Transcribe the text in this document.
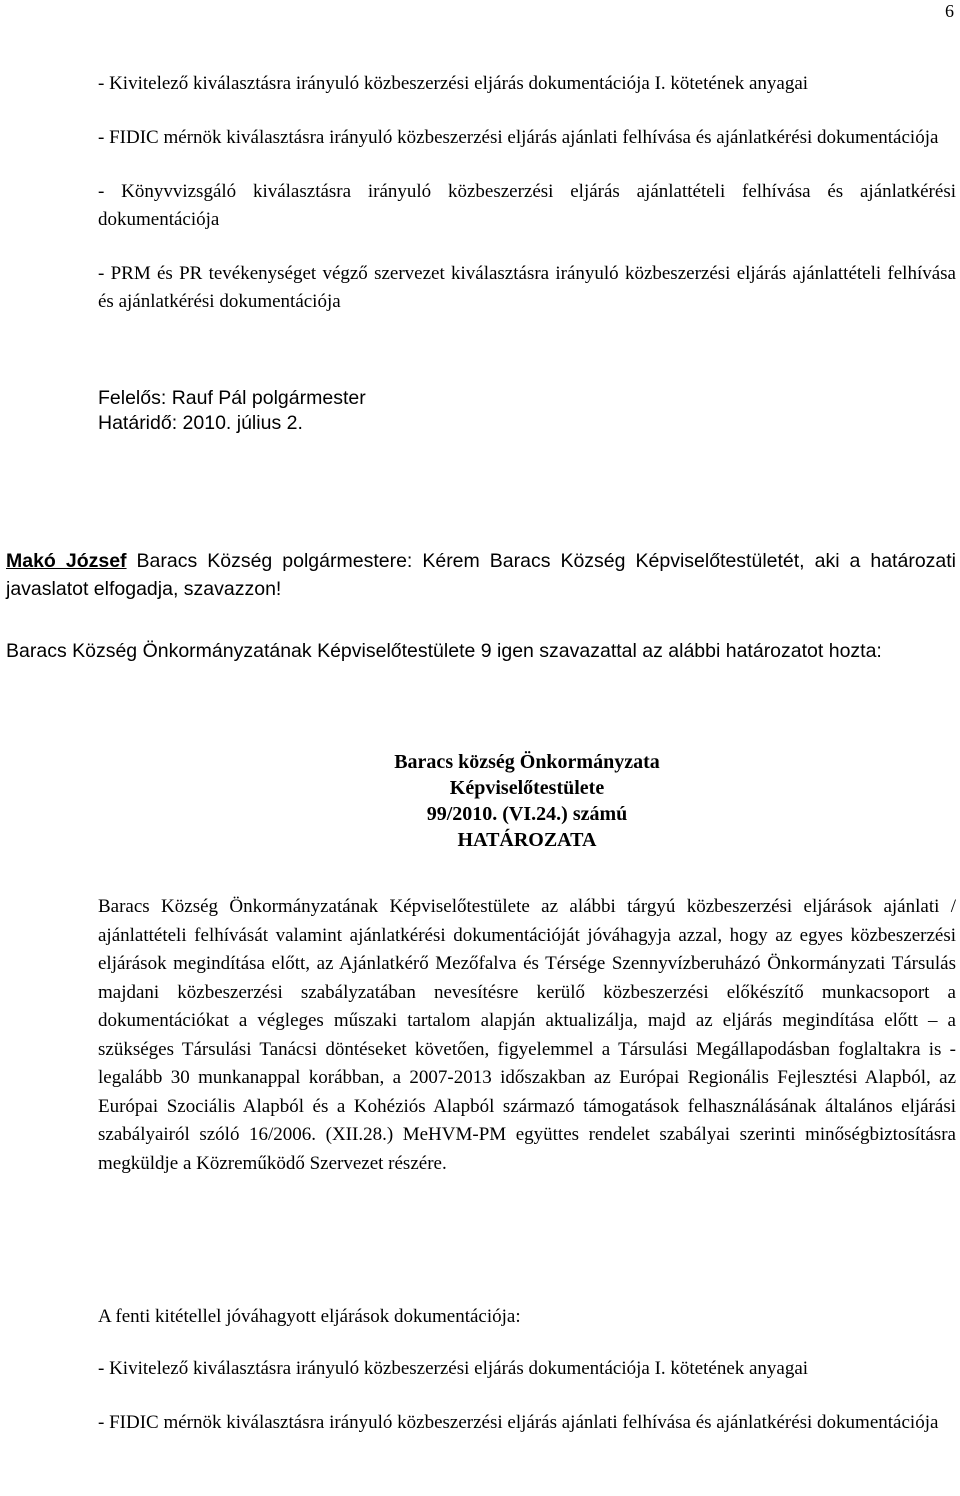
6

- Kivitelező kiválasztásra irányuló közbeszerzési eljárás dokumentációja I. kötetének anyagai

- FIDIC mérnök kiválasztásra irányuló közbeszerzési eljárás ajánlati felhívása és ajánlatkérési dokumentációja

- Könyvvizsgáló kiválasztásra irányuló közbeszerzési eljárás ajánlattételi felhívása és ajánlatkérési dokumentációja

- PRM és PR tevékenységet végző szervezet kiválasztásra irányuló közbeszerzési eljárás ajánlattételi felhívása és ajánlatkérési dokumentációja

Felelős: Rauf Pál polgármester
Határidő: 2010. július 2.

Makó József Baracs Község polgármestere: Kérem Baracs Község Képviselőtestületét, aki a határozati javaslatot elfogadja, szavazzon!

Baracs Község Önkormányzatának Képviselőtestülete 9 igen szavazattal az alábbi határozatot hozta:

Baracs község Önkormányzata
Képviselőtestülete
99/2010. (VI.24.) számú
HATÁROZATA

Baracs Község Önkormányzatának Képviselőtestülete az alábbi tárgyú közbeszerzési eljárások ajánlati / ajánlattételi felhívását valamint ajánlatkérési dokumentációját jóváhagyja azzal, hogy az egyes közbeszerzési eljárások megindítása előtt, az Ajánlatkérő Mezőfalva és Térsége Szennyvízberuházó Önkormányzati Társulás majdani közbeszerzési szabályzatában nevesítésre kerülő közbeszerzési előkészítő munkacsoport a dokumentációkat a végleges műszaki tartalom alapján aktualizálja, majd az eljárás megindítása előtt – a szükséges Társulási Tanácsi döntéseket követően, figyelemmel a Társulási Megállapodásban foglaltakra is - legalább 30 munkanappal korábban, a 2007-2013 időszakban az Európai Regionális Fejlesztési Alapból, az Európai Szociális Alapból és a Kohéziós Alapból származó támogatások felhasználásának általános eljárási szabályairól szóló 16/2006. (XII.28.) MeHVM-PM együttes rendelet szabályai szerinti minőségbiztosításra megküldje a Közreműködő Szervezet részére.

A fenti kitétellel jóváhagyott eljárások dokumentációja:

- Kivitelező kiválasztásra irányuló közbeszerzési eljárás dokumentációja I. kötetének anyagai

- FIDIC mérnök kiválasztásra irányuló közbeszerzési eljárás ajánlati felhívása és ajánlatkérési dokumentációja
